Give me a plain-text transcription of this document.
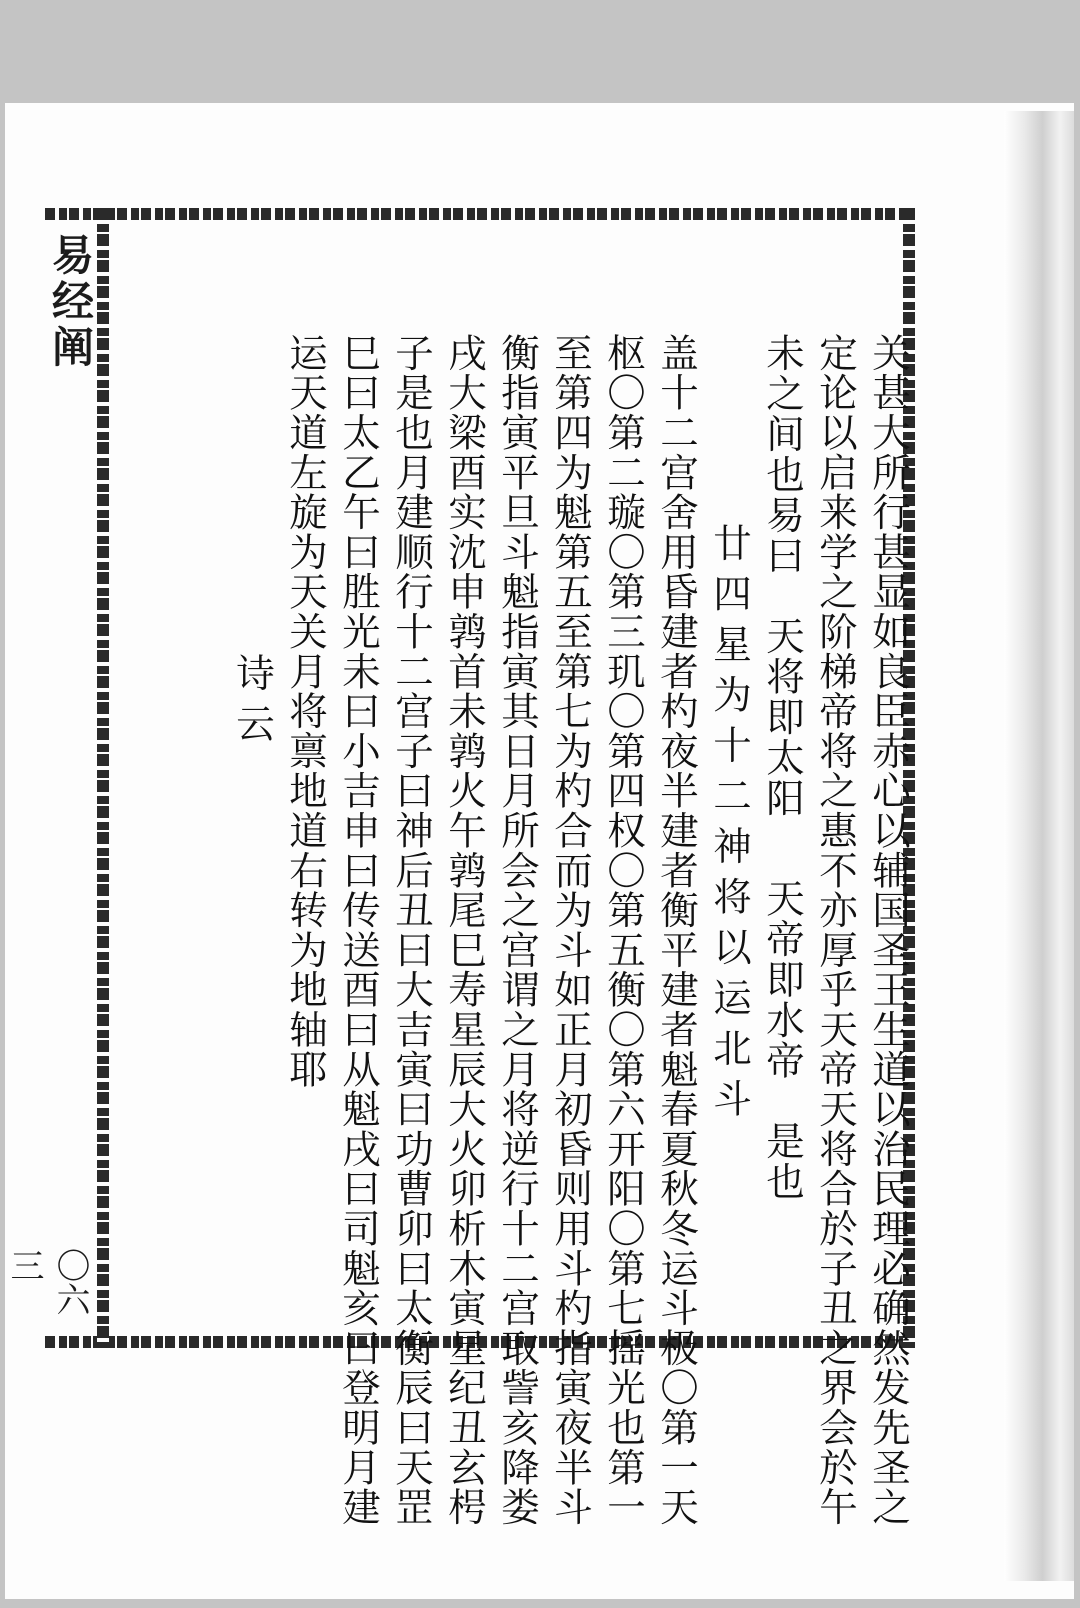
易经阐
〇六三	关甚大所行甚显如良臣赤心以辅国圣王生道以治民理必确然发先圣之
定论以启来学之阶梯帝将之惠不亦厚乎天帝天将合於子丑之界会於午
未之间也易曰天将即太阳天帝即水帝是也
廿四星为十二神将以运北斗
盖十二宫舍用昏建者杓夜半建者衡平建者魁春夏秋冬运斗极〇第一天
枢〇第二璇〇第三玑〇第四权〇第五衡〇第六开阳〇第七摇光也第一
至第四为魁第五至第七为杓合而为斗如正月初昏则用斗杓指寅夜半斗
衡指寅平旦斗魁指寅其日月所会之宫谓之月将逆行十二宫取訾亥降娄
戌大梁酉实沈申鹑首未鹑火午鹑尾巳寿星辰大火卯析木寅星纪丑玄枵
子是也月建顺行十二宫子曰神后丑曰大吉寅曰功曹卯曰太衡辰曰天罡
巳曰太乙午曰胜光未曰小吉申曰传送酉曰从魁戌曰司魁亥曰登明月建
运天道左旋为天关月将禀地道右转为地轴耶
诗云
